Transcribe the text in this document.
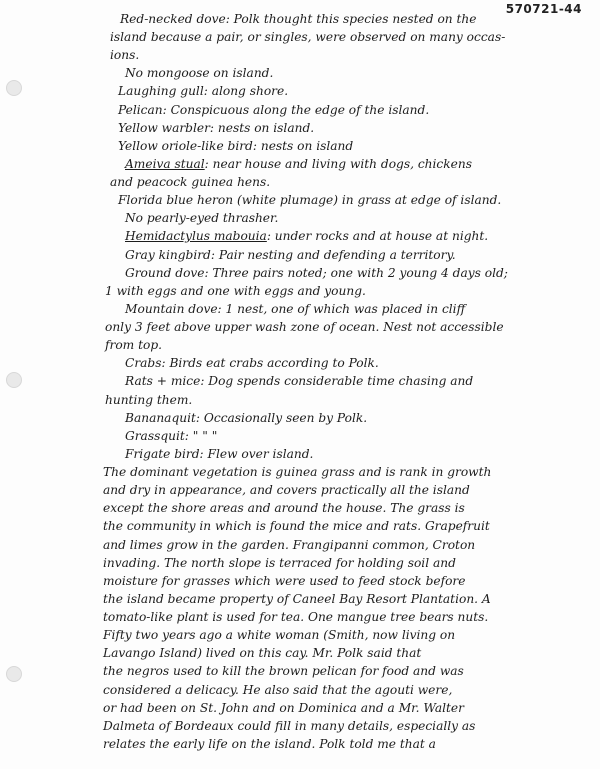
570721-44
Red-necked dove: Polk thought this species nested on the
island because a pair, or singles, were observed on many occas-
ions.
No mongoose on island.
Laughing gull: along shore.
Pelican: Conspicuous along the edge of the island.
Yellow warbler: nests on island.
Yellow oriole-like bird: nests on island
Ameiva stual: near house and living with dogs, chickens
and peacock guinea hens.
Florida blue heron (white plumage) in grass at edge of island.
No pearly-eyed thrasher.
Hemidactylus mabouia: under rocks and at house at night.
Gray kingbird: Pair nesting and defending a territory.
Ground dove: Three pairs noted; one with 2 young 4 days old;
1 with eggs and one with eggs and young.
Mountain dove: 1 nest, one of which was placed in cliff
only 3 feet above upper wash zone of ocean. Nest not accessible
from top.
Crabs: Birds eat crabs according to Polk.
Rats + mice: Dog spends considerable time chasing and
hunting them.
Bananaquit: Occasionally seen by Polk.
Grassquit: " " "
Frigate bird: Flew over island.
The dominant vegetation is guinea grass and is rank in growth
and dry in appearance, and covers practically all the island
except the shore areas and around the house. The grass is
the community in which is found the mice and rats. Grapefruit
and limes grow in the garden. Frangipanni common, Croton
invading. The north slope is terraced for holding soil and
moisture for grasses which were used to feed stock before
the island became property of Caneel Bay Resort Plantation. A
tomato-like plant is used for tea. One mangue tree bears nuts.
Fifty two years ago a white woman (Smith, now living on
Lavango Island) lived on this cay. Mr. Polk said that
the negros used to kill the brown pelican for food and was
considered a delicacy. He also said that the agouti were,
or had been on St. John and on Dominica and a Mr. Walter
Dalmeta of Bordeaux could fill in many details, especially as
relates the early life on the island. Polk told me that a
